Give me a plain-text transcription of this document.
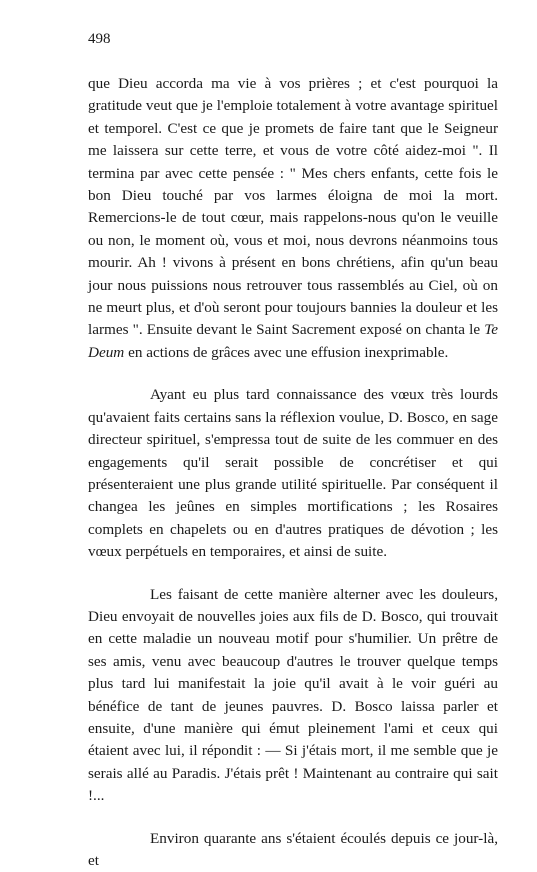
498

que Dieu accorda ma vie à vos prières ; et c'est pourquoi la gratitude veut que je l'emploie totalement à votre avantage spirituel et temporel. C'est ce que je promets de faire tant que le Seigneur me laissera sur cette terre, et vous de votre côté aidez-moi ". Il termina par avec cette pensée : " Mes chers enfants, cette fois le bon Dieu touché par vos larmes éloigna de moi la mort. Remercions-le de tout cœur, mais rappelons-nous qu'on le veuille ou non, le moment où, vous et moi, nous devrons néanmoins tous mourir. Ah ! vivons à présent en bons chrétiens, afin qu'un beau jour nous puissions nous retrouver tous rassemblés au Ciel, où on ne meurt plus, et d'où seront pour toujours bannies la douleur et les larmes ". Ensuite devant le Saint Sacrement exposé on chanta le Te Deum en actions de grâces avec une effusion inexprimable.

Ayant eu plus tard connaissance des vœux très lourds qu'avaient faits certains sans la réflexion voulue, D. Bosco, en sage directeur spirituel, s'empressa tout de suite de les commuer en des engagements qu'il serait possible de concrétiser et qui présenteraient une plus grande utilité spirituelle. Par conséquent il changea les jeûnes en simples mortifications ; les Rosaires complets en chapelets ou en d'autres pratiques de dévotion ; les vœux perpétuels en temporaires, et ainsi de suite.

Les faisant de cette manière alterner avec les douleurs, Dieu envoyait de nouvelles joies aux fils de D. Bosco, qui trouvait en cette maladie un nouveau motif pour s'humilier. Un prêtre de ses amis, venu avec beaucoup d'autres le trouver quelque temps plus tard lui manifestait la joie qu'il avait à le voir guéri au bénéfice de tant de jeunes pauvres. D. Bosco laissa parler et ensuite, d'une manière qui émut pleinement l'ami et ceux qui étaient avec lui, il répondit : — Si j'étais mort, il me semble que je serais allé au Paradis. J'étais prêt ! Maintenant au contraire qui sait !...

Environ quarante ans s'étaient écoulés depuis ce jour-là, et
